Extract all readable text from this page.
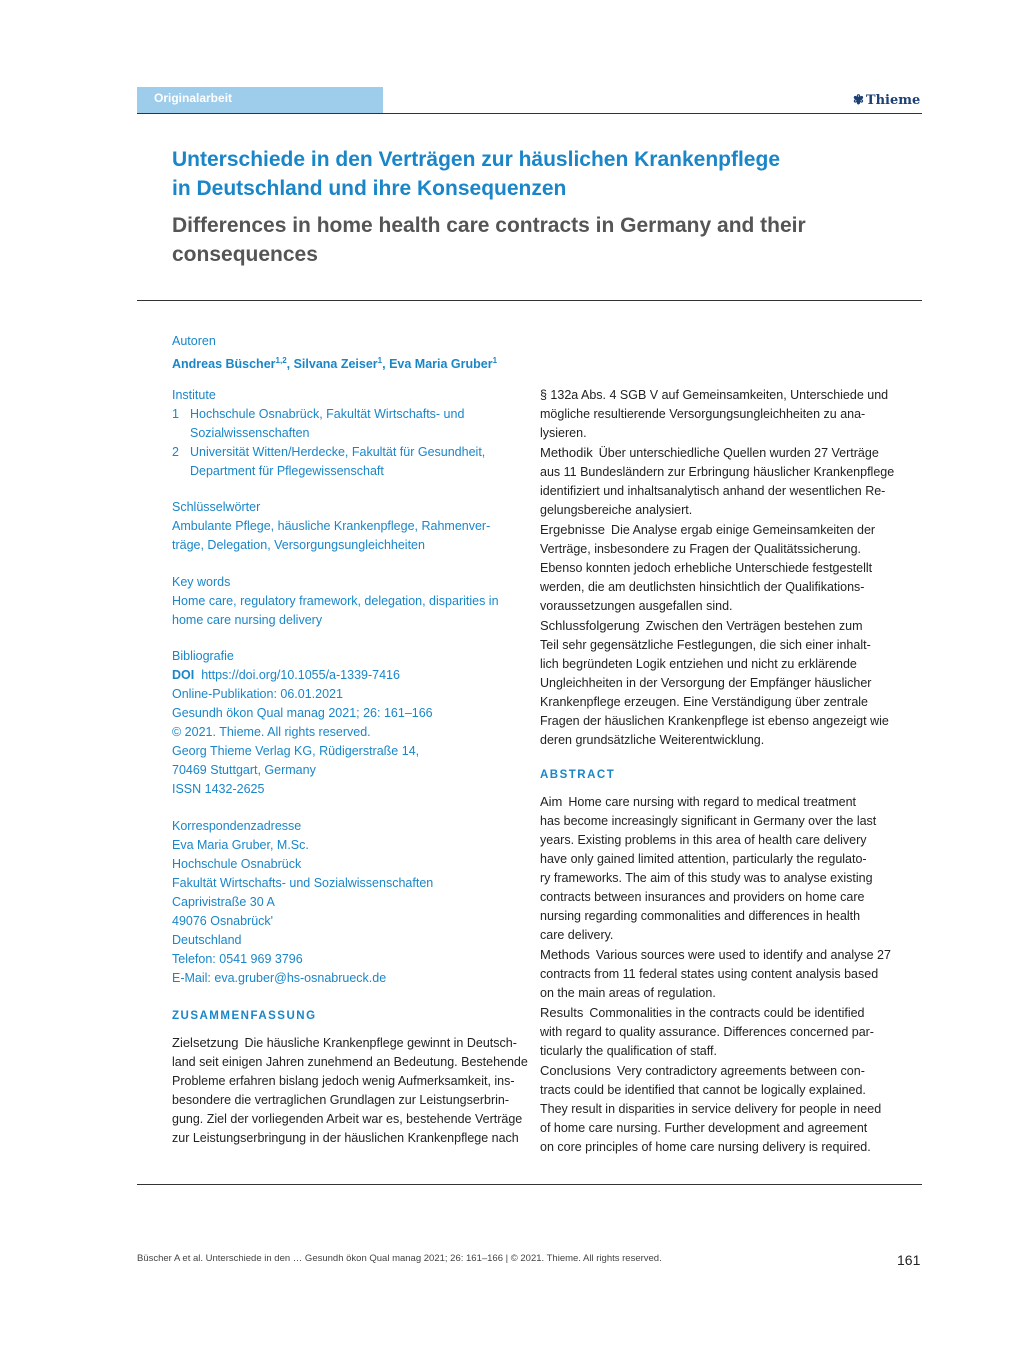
Originalarbeit	✾ Thieme
Unterschiede in den Verträgen zur häuslichen Krankenpflege
in Deutschland und ihre Konsequenzen
Differences in home health care contracts in Germany and their
consequences
Autoren
Andreas Büscher$^{1,2}$, Silvana Zeiser$^1$, Eva Maria Gruber$^1$
Institute
1 Hochschule Osnabrück, Fakultät Wirtschafts- und
Sozialwissenschaften
2 Universität Witten/Herdecke, Fakultät für Gesundheit,
Department für Pflegewissenschaft
Schlüsselwörter
Ambulante Pflege, häusliche Krankenpflege, Rahmenver-
träge, Delegation, Versorgungsungleichheiten
Key words
Home care, regulatory framework, delegation, disparities in
home care nursing delivery
Bibliografie
DOI https://doi.org/10.1055/a-1339-7416
Online-Publikation: 06.01.2021
Gesundh ökon Qual manag 2021; 26: 161–166
© 2021. Thieme. All rights reserved.
Georg Thieme Verlag KG, Rüdigerstraße 14,
70469 Stuttgart, Germany
ISSN 1432-2625
Korrespondenzadresse
Eva Maria Gruber, M.Sc.
Hochschule Osnabrück
Fakultät Wirtschafts- und Sozialwissenschaften
Caprivistraße 30 A
49076 Osnabrück'
Deutschland
Telefon: 0541 969 3796
E-Mail: eva.gruber@hs-osnabrueck.de
ZUSAMMENFASSUNG
Zielsetzung Die häusliche Krankenpflege gewinnt in Deutsch-
land seit einigen Jahren zunehmend an Bedeutung. Bestehende
Probleme erfahren bislang jedoch wenig Aufmerksamkeit, ins-
besondere die vertraglichen Grundlagen zur Leistungserbrin-
gung. Ziel der vorliegenden Arbeit war es, bestehende Verträge
zur Leistungserbringung in der häuslichen Krankenpflege nach
§ 132a Abs. 4 SGB V auf Gemeinsamkeiten, Unterschiede und
mögliche resultierende Versorgungsungleichheiten zu ana-
lysieren.
Methodik Über unterschiedliche Quellen wurden 27 Verträge
aus 11 Bundesländern zur Erbringung häuslicher Krankenpflege
identifiziert und inhaltsanalytisch anhand der wesentlichen Re-
gelungsbereiche analysiert.
Ergebnisse Die Analyse ergab einige Gemeinsamkeiten der
Verträge, insbesondere zu Fragen der Qualitätssicherung.
Ebenso konnten jedoch erhebliche Unterschiede festgestellt
werden, die am deutlichsten hinsichtlich der Qualifikations-
voraussetzungen ausgefallen sind.
Schlussfolgerung Zwischen den Verträgen bestehen zum
Teil sehr gegensätzliche Festlegungen, die sich einer inhalt-
lich begründeten Logik entziehen und nicht zu erklärende
Ungleichheiten in der Versorgung der Empfänger häuslicher
Krankenpflege erzeugen. Eine Verständigung über zentrale
Fragen der häuslichen Krankenpflege ist ebenso angezeigt wie
deren grundsätzliche Weiterentwicklung.
ABSTRACT
Aim Home care nursing with regard to medical treatment
has become increasingly significant in Germany over the last
years. Existing problems in this area of health care delivery
have only gained limited attention, particularly the regulato-
ry frameworks. The aim of this study was to analyse existing
contracts between insurances and providers on home care
nursing regarding commonalities and differences in health
care delivery.
Methods Various sources were used to identify and analyse 27
contracts from 11 federal states using content analysis based
on the main areas of regulation.
Results Commonalities in the contracts could be identified
with regard to quality assurance. Differences concerned par-
ticularly the qualification of staff.
Conclusions Very contradictory agreements between con-
tracts could be identified that cannot be logically explained.
They result in disparities in service delivery for people in need
of home care nursing. Further development and agreement
on core principles of home care nursing delivery is required.
Büscher A et al. Unterschiede in den … Gesundh ökon Qual manag 2021; 26: 161–166 | © 2021. Thieme. All rights reserved.	161
